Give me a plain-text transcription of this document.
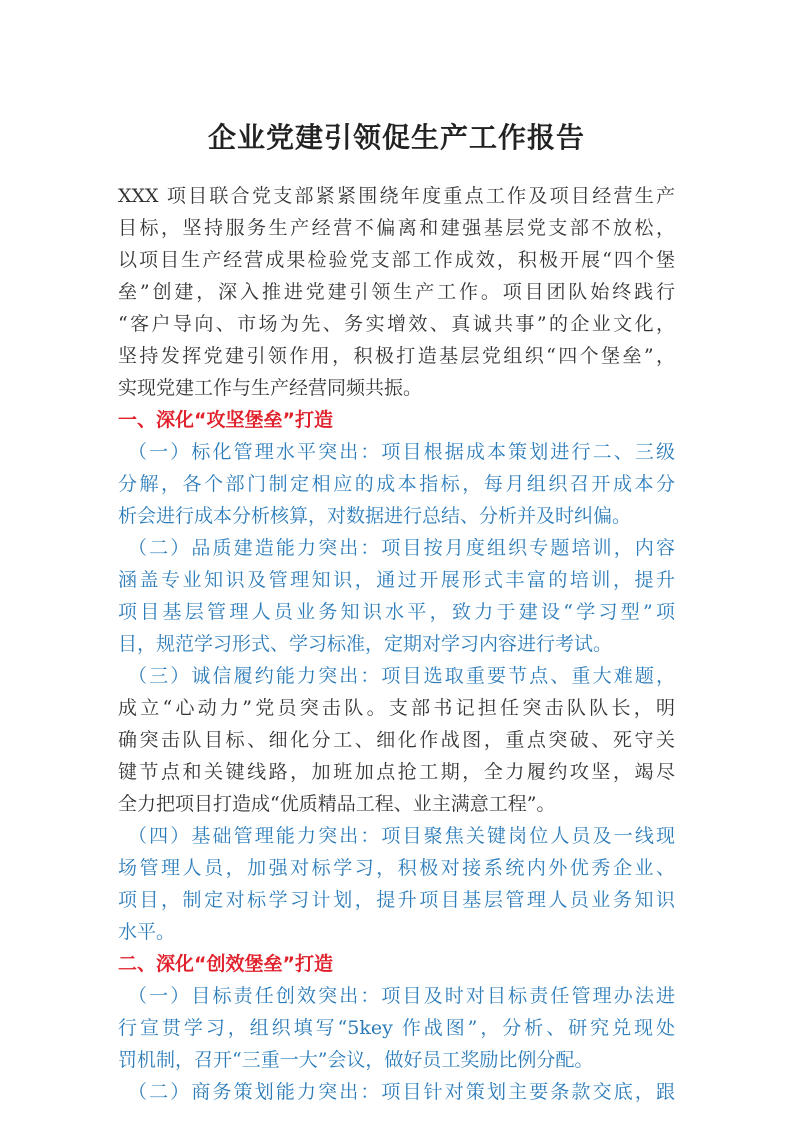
企业党建引领促生产工作报告
XXX 项目联合党支部紧紧围绕年度重点工作及项目经营生产
目标，坚持服务生产经营不偏离和建强基层党支部不放松，
以项目生产经营成果检验党支部工作成效，积极开展“四个堡
垒”创建，深入推进党建引领生产工作。项目团队始终践行
“客户导向、市场为先、务实增效、真诚共事”的企业文化，
坚持发挥党建引领作用，积极打造基层党组织“四个堡垒”，
实现党建工作与生产经营同频共振。
一、深化“攻坚堡垒”打造
（一）标化管理水平突出：项目根据成本策划进行二、三级
分解，各个部门制定相应的成本指标，每月组织召开成本分
析会进行成本分析核算，对数据进行总结、分析并及时纠偏。
（二）品质建造能力突出：项目按月度组织专题培训，内容
涵盖专业知识及管理知识，通过开展形式丰富的培训，提升
项目基层管理人员业务知识水平，致力于建设“学习型”项
目，规范学习形式、学习标准，定期对学习内容进行考试。
（三）诚信履约能力突出：项目选取重要节点、重大难题，
成立“心动力”党员突击队。支部书记担任突击队队长，明
确突击队目标、细化分工、细化作战图，重点突破、死守关
键节点和关键线路，加班加点抢工期，全力履约攻坚，竭尽
全力把项目打造成“优质精品工程、业主满意工程”。
（四）基础管理能力突出：项目聚焦关键岗位人员及一线现
场管理人员，加强对标学习，积极对接系统内外优秀企业、
项目，制定对标学习计划，提升项目基层管理人员业务知识
水平。
二、深化“创效堡垒”打造
（一）目标责任创效突出：项目及时对目标责任管理办法进
行宣贯学习，组织填写“5key 作战图”，分析、研究兑现处
罚机制，召开“三重一大”会议，做好员工奖励比例分配。
（二）商务策划能力突出：项目针对策划主要条款交底，跟
